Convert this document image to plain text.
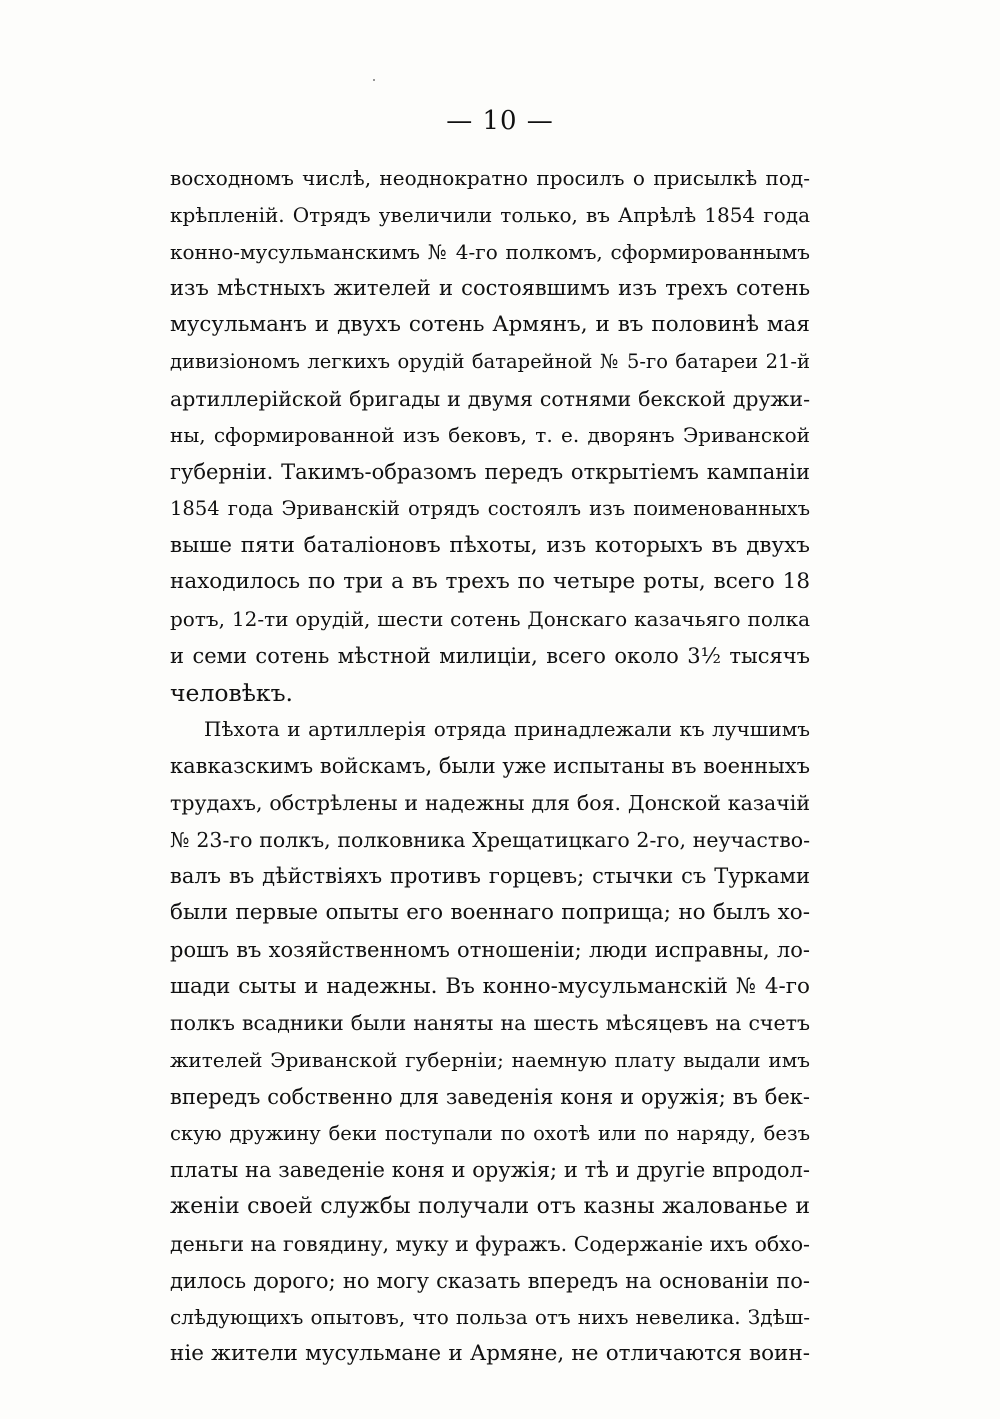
— 10 —
восходномъ числѣ, неоднократно просилъ о присылкѣ под-
крѣпленій. Отрядъ увеличили только, въ Апрѣлѣ 1854 года
конно-мусульманскимъ № 4-го полкомъ, сформированнымъ
изъ мѣстныхъ жителей и состоявшимъ изъ трехъ сотень
мусульманъ и двухъ сотень Армянъ, и въ половинѣ мая
дивизіономъ легкихъ орудій батарейной № 5-го батареи 21-й
артиллерійской бригады и двумя сотнями бекской дружи-
ны, сформированной изъ бековъ, т. е. дворянъ Эриванской
губерніи. Такимъ-образомъ передъ открытіемъ кампаніи
1854 года Эриванскій отрядъ состоялъ изъ поименованныхъ
выше пяти баталіоновъ пѣхоты, изъ которыхъ въ двухъ
находилось по три а въ трехъ по четыре роты, всего 18
ротъ, 12-ти орудій, шести сотень Донскаго казачьяго полка
и семи сотень мѣстной милиціи, всего около 3½ тысячъ
человѣкъ.
Пѣхота и артиллерія отряда принадлежали къ лучшимъ
кавказскимъ войскамъ, были уже испытаны въ военныхъ
трудахъ, обстрѣлены и надежны для боя. Донской казачій
№ 23-го полкъ, полковника Хрещатицкаго 2-го, неучаство-
валъ въ дѣйствіяхъ противъ горцевъ; стычки съ Турками
были первые опыты его военнаго поприща; но былъ хо-
рошъ въ хозяйственномъ отношеніи; люди исправны, ло-
шади сыты и надежны. Въ конно-мусульманскій № 4-го
полкъ всадники были наняты на шесть мѣсяцевъ на счетъ
жителей Эриванской губерніи; наемную плату выдали имъ
впередъ собственно для заведенія коня и оружія; въ бек-
скую дружину беки поступали по охотѣ или по наряду, безъ
платы на заведеніе коня и оружія; и тѣ и другіе впродол-
женіи своей службы получали отъ казны жалованье и
деньги на говядину, муку и фуражъ. Содержаніе ихъ обхо-
дилось дорого; но могу сказать впередъ на основаніи по-
слѣдующихъ опытовъ, что польза отъ нихъ невелика. Здѣш-
ніе жители мусульмане и Армяне, не отличаются воин-
